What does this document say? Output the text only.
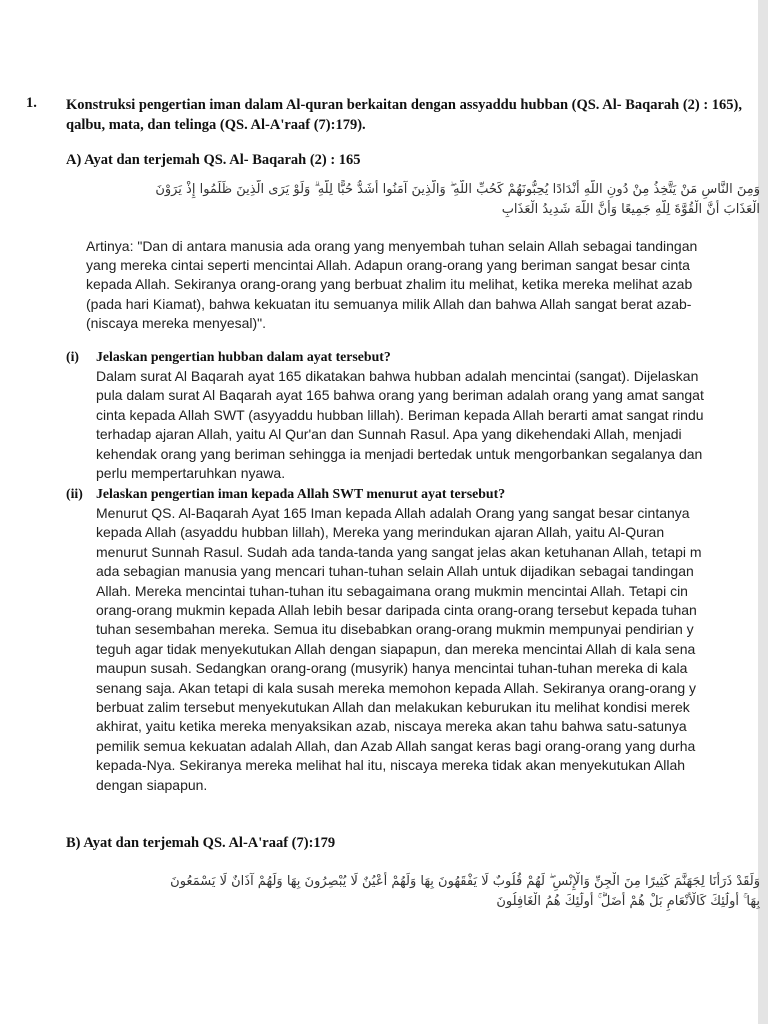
1. Konstruksi pengertian iman dalam Al-quran berkaitan dengan assyaddu hubban (QS. Al- Baqarah (2) : 165), qalbu, mata, dan telinga (QS. Al-A'raaf (7):179).
A) Ayat dan terjemah QS. Al- Baqarah (2) : 165
وَمِنَ النَّاسِ مَنْ يَتَّخِذُ مِنْ دُونِ اللَّهِ أَنْدَادًا يُحِبُّونَهُمْ كَحُبِّ اللَّهِ ۖ وَالَّذِينَ آمَنُوا أَشَدُّ حُبًّا لِلَّهِ ۗ وَلَوْ يَرَى الَّذِينَ ظَلَمُوا إِذْ يَرَوْنَ
الْعَذَابَ أَنَّ الْقُوَّةَ لِلَّهِ جَمِيعًا وَأَنَّ اللَّهَ شَدِيدُ الْعَذَابِ
Artinya: "Dan di antara manusia ada orang yang menyembah tuhan selain Allah sebagai tandingan
yang mereka cintai seperti mencintai Allah. Adapun orang-orang yang beriman sangat besar cinta
kepada Allah. Sekiranya orang-orang yang berbuat zhalim itu melihat, ketika mereka melihat azab
(pada hari Kiamat), bahwa kekuatan itu semuanya milik Allah dan bahwa Allah sangat berat azab-
(niscaya mereka menyesal)".
(i) Jelaskan pengertian hubban dalam ayat tersebut?
Dalam surat Al Baqarah ayat 165 dikatakan bahwa hubban adalah mencintai (sangat). Dijelaskan
pula dalam surat Al Baqarah ayat 165 bahwa orang yang beriman adalah orang yang amat sangat
cinta kepada Allah SWT (asyyaddu hubban lillah). Beriman kepada Allah berarti amat sangat rindu
terhadap ajaran Allah, yaitu Al Qur'an dan Sunnah Rasul. Apa yang dikehendaki Allah, menjadi
kehendak orang yang beriman sehingga ia menjadi bertedak untuk mengorbankan segalanya dan
perlu mempertaruhkan nyawa.
(ii) Jelaskan pengertian iman kepada Allah SWT menurut ayat tersebut?
Menurut QS. Al-Baqarah Ayat 165 Iman kepada Allah adalah Orang yang sangat besar cintanya
kepada Allah (asyaddu hubban lillah), Mereka yang merindukan ajaran Allah, yaitu Al-Quran
menurut Sunnah Rasul. Sudah ada tanda-tanda yang sangat jelas akan ketuhanan Allah, tetapi m
ada sebagian manusia yang mencari tuhan-tuhan selain Allah untuk dijadikan sebagai tandingan
Allah. Mereka mencintai tuhan-tuhan itu sebagaimana orang mukmin mencintai Allah. Tetapi cin
orang-orang mukmin kepada Allah lebih besar daripada cinta orang-orang tersebut kepada tuhan
tuhan sesembahan mereka. Semua itu disebabkan orang-orang mukmin mempunyai pendirian y
teguh agar tidak menyekutukan Allah dengan siapapun, dan mereka mencintai Allah di kala sena
maupun susah. Sedangkan orang-orang (musyrik) hanya mencintai tuhan-tuhan mereka di kala
senang saja. Akan tetapi di kala susah mereka memohon kepada Allah. Sekiranya orang-orang y
berbuat zalim tersebut menyekutukan Allah dan melakukan keburukan itu melihat kondisi merek
akhirat, yaitu ketika mereka menyaksikan azab, niscaya mereka akan tahu bahwa satu-satunya
pemilik semua kekuatan adalah Allah, dan Azab Allah sangat keras bagi orang-orang yang durha
kepada-Nya. Sekiranya mereka melihat hal itu, niscaya mereka tidak akan menyekutukan Allah
dengan siapapun.
B) Ayat dan terjemah QS. Al-A'raaf (7):179
وَلَقَدْ ذَرَأْنَا لِجَهَنَّمَ كَثِيرًا مِنَ الْجِنِّ وَالْإِنْسِ ۖ لَهُمْ قُلُوبٌ لَا يَفْقَهُونَ بِهَا وَلَهُمْ أَعْيُنٌ لَا يُبْصِرُونَ بِهَا وَلَهُمْ آذَانٌ لَا يَسْمَعُونَ
بِهَا ۚ أُولَٰئِكَ كَالْأَنْعَامِ بَلْ هُمْ أَضَلُّ ۚ أُولَٰئِكَ هُمُ الْغَافِلُونَ
